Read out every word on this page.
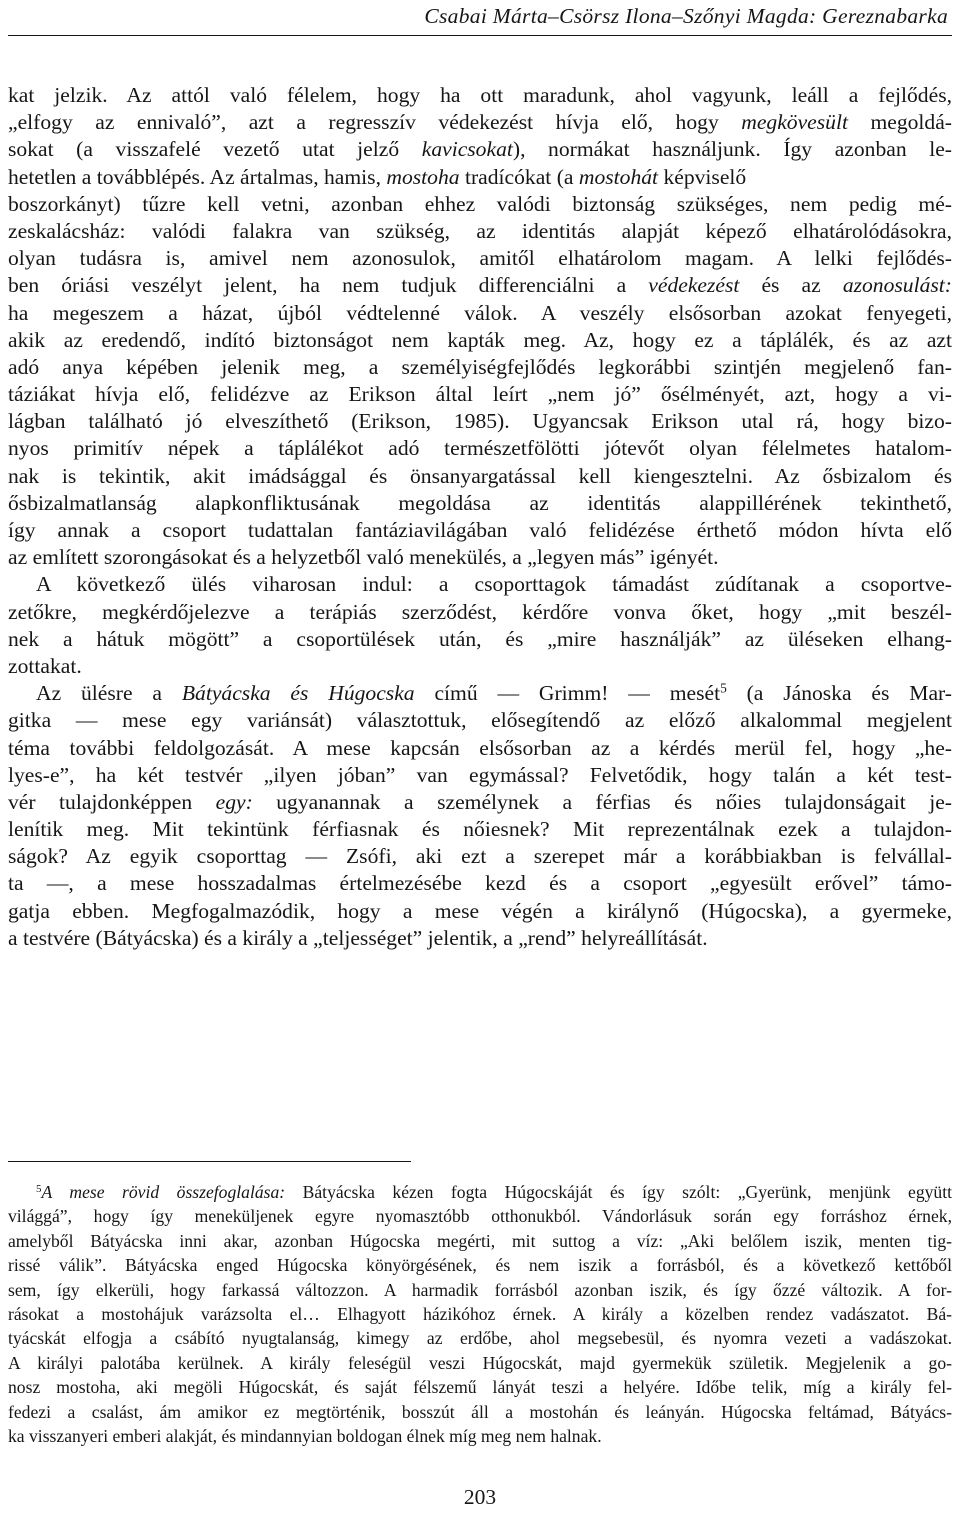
Csabai Márta–Csörsz Ilona–Szőnyi Magda: Gereznabarka
kat jelzik. Az attól való félelem, hogy ha ott maradunk, ahol vagyunk, leáll a fejlődés,
„elfogy az ennivaló”, azt a regresszív védekezést hívja elő, hogy megkövesült megoldá-
sokat (a visszafelé vezető utat jelző kavicsokat), normákat használjunk. Így azonban le-
hetetlen a továbblépés. Az ártalmas, hamis, mostoha tradícókat (a mostohát képviselő
boszorkányt) tűzre kell vetni, azonban ehhez valódi biztonság szükséges, nem pedig mé-
zeskalácsház: valódi falakra van szükség, az identitás alapját képező elhatárolódásokra,
olyan tudásra is, amivel nem azonosulok, amitől elhatárolom magam. A lelki fejlődés-
ben óriási veszélyt jelent, ha nem tudjuk differenciálni a védekezést és az azonosulást:
ha megeszem a házat, újból védtelenné válok. A veszély elsősorban azokat fenyegeti,
akik az eredendő, indító biztonságot nem kapták meg. Az, hogy ez a táplálék, és az azt
adó anya képében jelenik meg, a személyiségfejlődés legkorábbi szintjén megjelenő fan-
táziákat hívja elő, felidézve az Erikson által leírt „nem jó” ősélményét, azt, hogy a vi-
lágban található jó elveszíthető (Erikson, 1985). Ugyancsak Erikson utal rá, hogy bizo-
nyos primitív népek a táplálékot adó természetfölötti jótevőt olyan félelmetes hatalom-
nak is tekintik, akit imádsággal és önsanyargatással kell kiengesztelni. Az ősbizalom és
ősbizalmatlanság alapkonfliktusának megoldása az identitás alappillérének tekinthető,
így annak a csoport tudattalan fantáziavilágában való felidézése érthető módon hívta elő
az említett szorongásokat és a helyzetből való menekülés, a „legyen más” igényét.
A következő ülés viharosan indul: a csoporttagok támadást zúdítanak a csoportve-
zetőkre, megkérdőjelezve a terápiás szerződést, kérdőre vonva őket, hogy „mit beszél-
nek a hátuk mögött” a csoportülések után, és „mire használják” az üléseken elhang-
zottakat.
Az ülésre a Bátyácska és Húgocska című — Grimm! — mesét$^5$ (a Jánoska és Mar-
gitka — mese egy variánsát) választottuk, elősegítendő az előző alkalommal megjelent
téma további feldolgozását. A mese kapcsán elsősorban az a kérdés merül fel, hogy „he-
lyes-e”, ha két testvér „ilyen jóban” van egymással? Felvetődik, hogy talán a két test-
vér tulajdonképpen egy: ugyanannak a személynek a férfias és nőies tulajdonságait je-
lenítik meg. Mit tekintünk férfiasnak és nőiesnek? Mit reprezentálnak ezek a tulajdon-
ságok? Az egyik csoporttag — Zsófi, aki ezt a szerepet már a korábbiakban is felvállal-
ta —, a mese hosszadalmas értelmezésébe kezd és a csoport „egyesült erővel” támo-
gatja ebben. Megfogalmazódik, hogy a mese végén a királynő (Húgocska), a gyermeke,
a testvére (Bátyácska) és a király a „teljességet” jelentik, a „rend” helyreállítását.
$^5$A mese rövid összefoglalása: Bátyácska kézen fogta Húgocskáját és így szólt: „Gyerünk, menjünk együtt
világgá”, hogy így meneküljenek egyre nyomasztóbb otthonukból. Vándorlásuk során egy forráshoz érnek,
amelyből Bátyácska inni akar, azonban Húgocska megérti, mit suttog a víz: „Aki belőlem iszik, menten tig-
rissé válik”. Bátyácska enged Húgocska könyörgésének, és nem iszik a forrásból, és a következő kettőből
sem, így elkerüli, hogy farkassá változzon. A harmadik forrásból azonban iszik, és így őzzé változik. A for-
rásokat a mostohájuk varázsolta el… Elhagyott házikóhoz érnek. A király a közelben rendez vadászatot. Bá-
tyácskát elfogja a csábító nyugtalanság, kimegy az erdőbe, ahol megsebesül, és nyomra vezeti a vadászokat.
A királyi palotába kerülnek. A király feleségül veszi Húgocskát, majd gyermekük születik. Megjelenik a go-
nosz mostoha, aki megöli Húgocskát, és saját félszemű lányát teszi a helyére. Időbe telik, míg a király fel-
fedezi a csalást, ám amikor ez megtörténik, bosszút áll a mostohán és leányán. Húgocska feltámad, Bátyács-
ka visszanyeri emberi alakját, és mindannyian boldogan élnek míg meg nem halnak.
203
